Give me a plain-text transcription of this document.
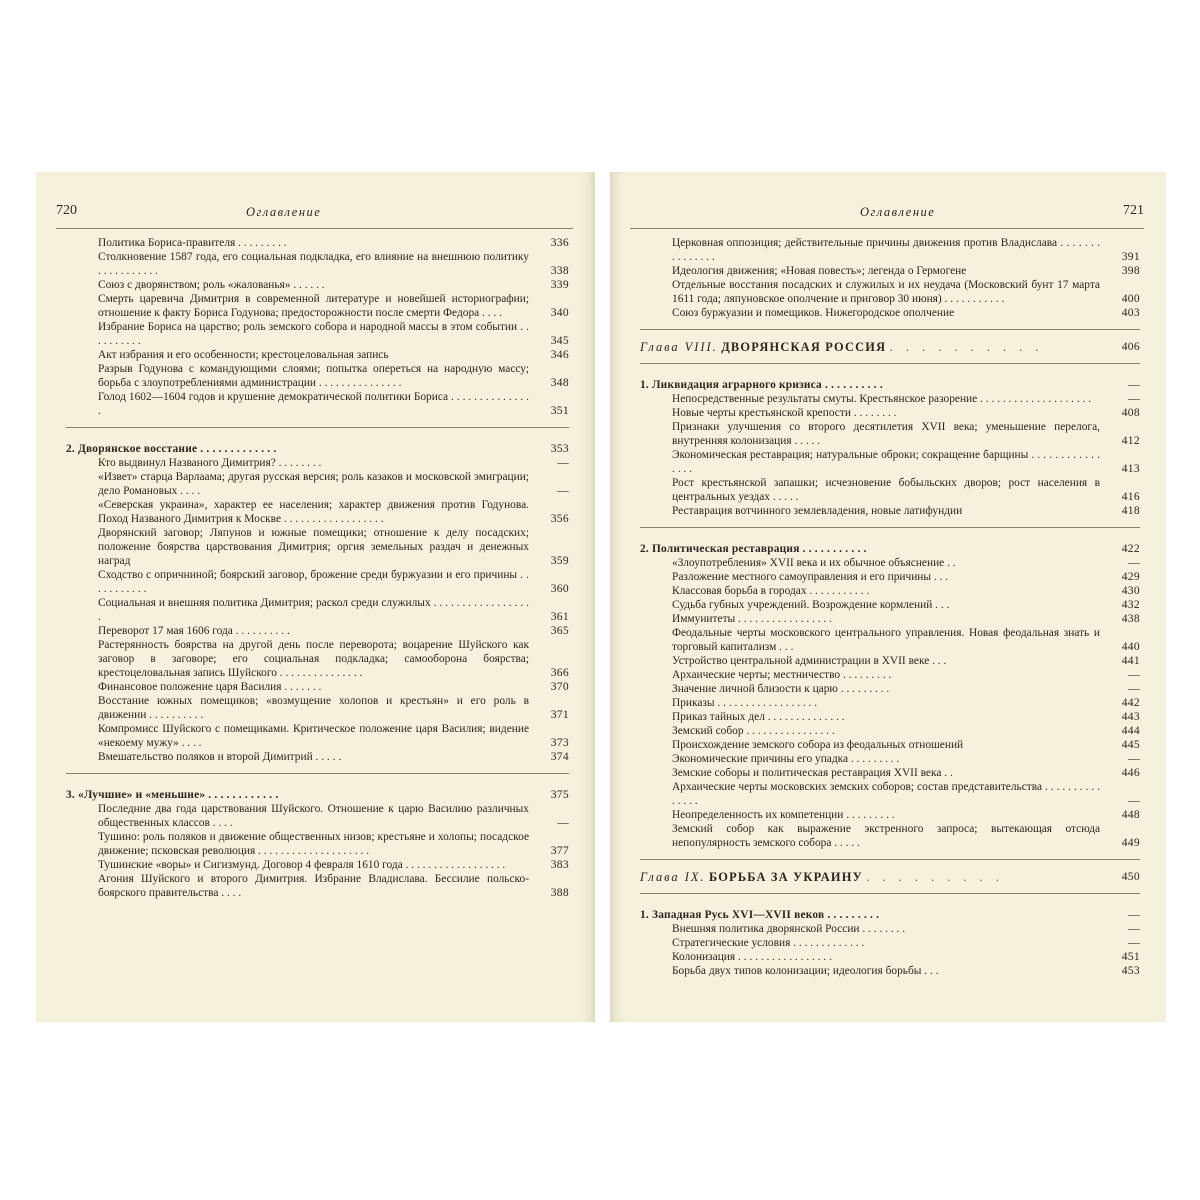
720	Оглавление
Политика Бориса-правителя . . . . . . . . .	336
Столкновение 1587 года, его социальная подкладка, его влияние на внешнюю политику . . . . . . . . . . .	338
Союз с дворянством; роль «жалованья» . . . . . .	339
Смерть царевича Димитрия в современной литературе и новейшей историографии; отношение к факту Бориса Годунова; предосторожности после смерти Федора . . . .	340
Избрание Бориса на царство; роль земского собора и народной массы в этом событии . . . . . . . . . .	345
Акт избрания и его особенности; крестоцеловальная запись	346
Разрыв Годунова с командующими слоями; попытка опереться на народную массу; борьба с злоупотреблениями администрации . . . . . . . . . . . . . . .	348
Голод 1602—1604 годов и крушение демократической политики Бориса . . . . . . . . . . . . . . .	351
2. Дворянское восстание . . . . . . . . . . . . .	353
Кто выдвинул Названого Димитрия? . . . . . . . .	—
«Извет» старца Варлаама; другая русская версия; роль казаков и московской эмиграции; дело Романовых . . . .	—
«Северская украина», характер ее населения; характер движения против Годунова. Поход Названого Димитрия к Москве . . . . . . . . . . . . . . . . . .	356
Дворянский заговор; Ляпунов и южные помещики; отношение к делу посадских; положение боярства царствования Димитрия; оргия земельных раздач и денежных наград	359
Сходство с опричниной; боярский заговор, брожение среди буржуазии и его причины . . . . . . . . . . .	360
Социальная и внешняя политика Димитрия; раскол среди служилых . . . . . . . . . . . . . . . . . .	361
Переворот 17 мая 1606 года . . . . . . . . . .	365
Растерянность боярства на другой день после переворота; воцарение Шуйского как заговор в заговоре; его социальная подкладка; самооборона боярства; крестоцеловальная запись Шуйского . . . . . . . . . . . . . . .	366
Финансовое положение царя Василия . . . . . . .	370
Восстание южных помещиков; «возмущение холопов и крестьян» и его роль в движении . . . . . . . . . .	371
Компромисс Шуйского с помещиками. Критическое положение царя Василия; видение «некоему мужу» . . . .	373
Вмешательство поляков и второй Димитрий . . . . .	374
3. «Лучшие» и «меньшие» . . . . . . . . . . . .	375
Последние два года царствования Шуйского. Отношение к царю Василию различных общественных классов . . . .	—
Тушино: роль поляков и движение общественных низов; крестьяне и холопы; посадское движение; псковская революция . . . . . . . . . . . . . . . . . . . .	377
Тушинские «воры» и Сигизмунд. Договор 4 февраля 1610 года . . . . . . . . . . . . . . . . . .	383
Агония Шуйского и второго Димитрия. Избрание Владислава. Бессилие польско-боярского правительства . . . .	388
Оглавление	721
Церковная оппозиция; действительные причины движения против Владислава . . . . . . . . . . . . . . .	391
Идеология движения; «Новая повесть»; легенда о Гермогене	398
Отдельные восстания посадских и служилых и их неудача (Московский бунт 17 марта 1611 года; ляпуновское ополчение и приговор 30 июня) . . . . . . . . . . .	400
Союз буржуазии и помещиков. Нижегородское ополчение	403
Глава VIII. ДВОРЯНСКАЯ РОССИЯ . . . . . . . . . .	406
1. Ликвидация аграрного кризиса . . . . . . . . . .	—
Непосредственные результаты смуты. Крестьянское разорение . . . . . . . . . . . . . . . . . . . .	—
Новые черты крестьянской крепости . . . . . . . .	408
Признаки улучшения со второго десятилетия XVII века; уменьшение перелога, внутренняя колонизация . . . . .	412
Экономическая реставрация; натуральные оброки; сокращение барщины . . . . . . . . . . . . . . . .	413
Рост крестьянской запашки; исчезновение бобыльских дворов; рост населения в центральных уездах . . . . .	416
Реставрация вотчинного землевладения, новые латифундии	418
2. Политическая реставрация . . . . . . . . . . .	422
«Злоупотребления» XVII века и их обычное объяснение . .	—
Разложение местного самоуправления и его причины . . .	429
Классовая борьба в городах . . . . . . . . . . .	430
Судьба губных учреждений. Возрождение кормлений . . .	432
Иммунитеты . . . . . . . . . . . . . . . . .	438
Феодальные черты московского центрального управления. Новая феодальная знать и торговый капитализм . . .	440
Устройство центральной администрации в XVII веке . . .	441
Архаические черты; местничество . . . . . . . . .	—
Значение личной близости к царю . . . . . . . . .	—
Приказы . . . . . . . . . . . . . . . . . .	442
Приказ тайных дел . . . . . . . . . . . . . .	443
Земский собор . . . . . . . . . . . . . . . .	444
Происхождение земского собора из феодальных отношений	445
Экономические причины его упадка . . . . . . . . .	—
Земские соборы и политическая реставрация XVII века . .	446
Архаические черты московских земских соборов; состав представительства . . . . . . . . . . . . . . .	—
Неопределенность их компетенции . . . . . . . . .	448
Земский собор как выражение экстренного запроса; вытекающая отсюда непопулярность земского собора . . . . .	449
Глава IX. БОРЬБА ЗА УКРАИНУ . . . . . . . . .	450
1. Западная Русь XVI—XVII веков . . . . . . . . .	—
Внешняя политика дворянской России . . . . . . . .	—
Стратегические условия . . . . . . . . . . . . .	—
Колонизация . . . . . . . . . . . . . . . . .	451
Борьба двух типов колонизации; идеология борьбы . . .	453
